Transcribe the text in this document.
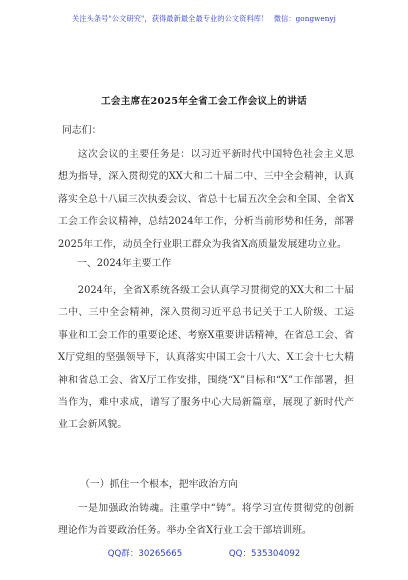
关注头条号"公文研究"，获得最新最全最专业的公文资料库！ 微信：gongwenyj
工会主席在2025年全省工会工作会议上的讲话
同志们：

这次会议的主要任务是：以习近平新时代中国特色社会主义思想为指导，深入贯彻党的XX大和二十届二中、三中全会精神，认真落实全总十八届三次执委会议、省总十七届五次全会和全国、全省X工会工作会议精神，总结2024年工作，分析当前形势和任务，部署2025年工作，动员全行业职工群众为我省X高质量发展建功立业。

一、2024年主要工作

2024年，全省X系统各级工会认真学习贯彻党的XX大和二十届二中、三中全会精神，深入贯彻习近平总书记关于工人阶级、工运事业和工会工作的重要论述、考察X重要讲话精神，在省总工会、省X厅党组的坚强领导下，认真落实中国工会十八大、X工会十七大精神和省总工会、省X厅工作安排，围绕“X”目标和“X”工作部署，担当作为，难中求成，谱写了服务中心大局新篇章，展现了新时代产业工会新风貌。

（一）抓住一个根本，把牢政治方向

一是加强政治铸魂。注重学中“铸”。将学习宣传贯彻党的创新理论作为首要政治任务。举办全省X行业工会干部培训班。

QQ群：30265665	QQ：535304092
